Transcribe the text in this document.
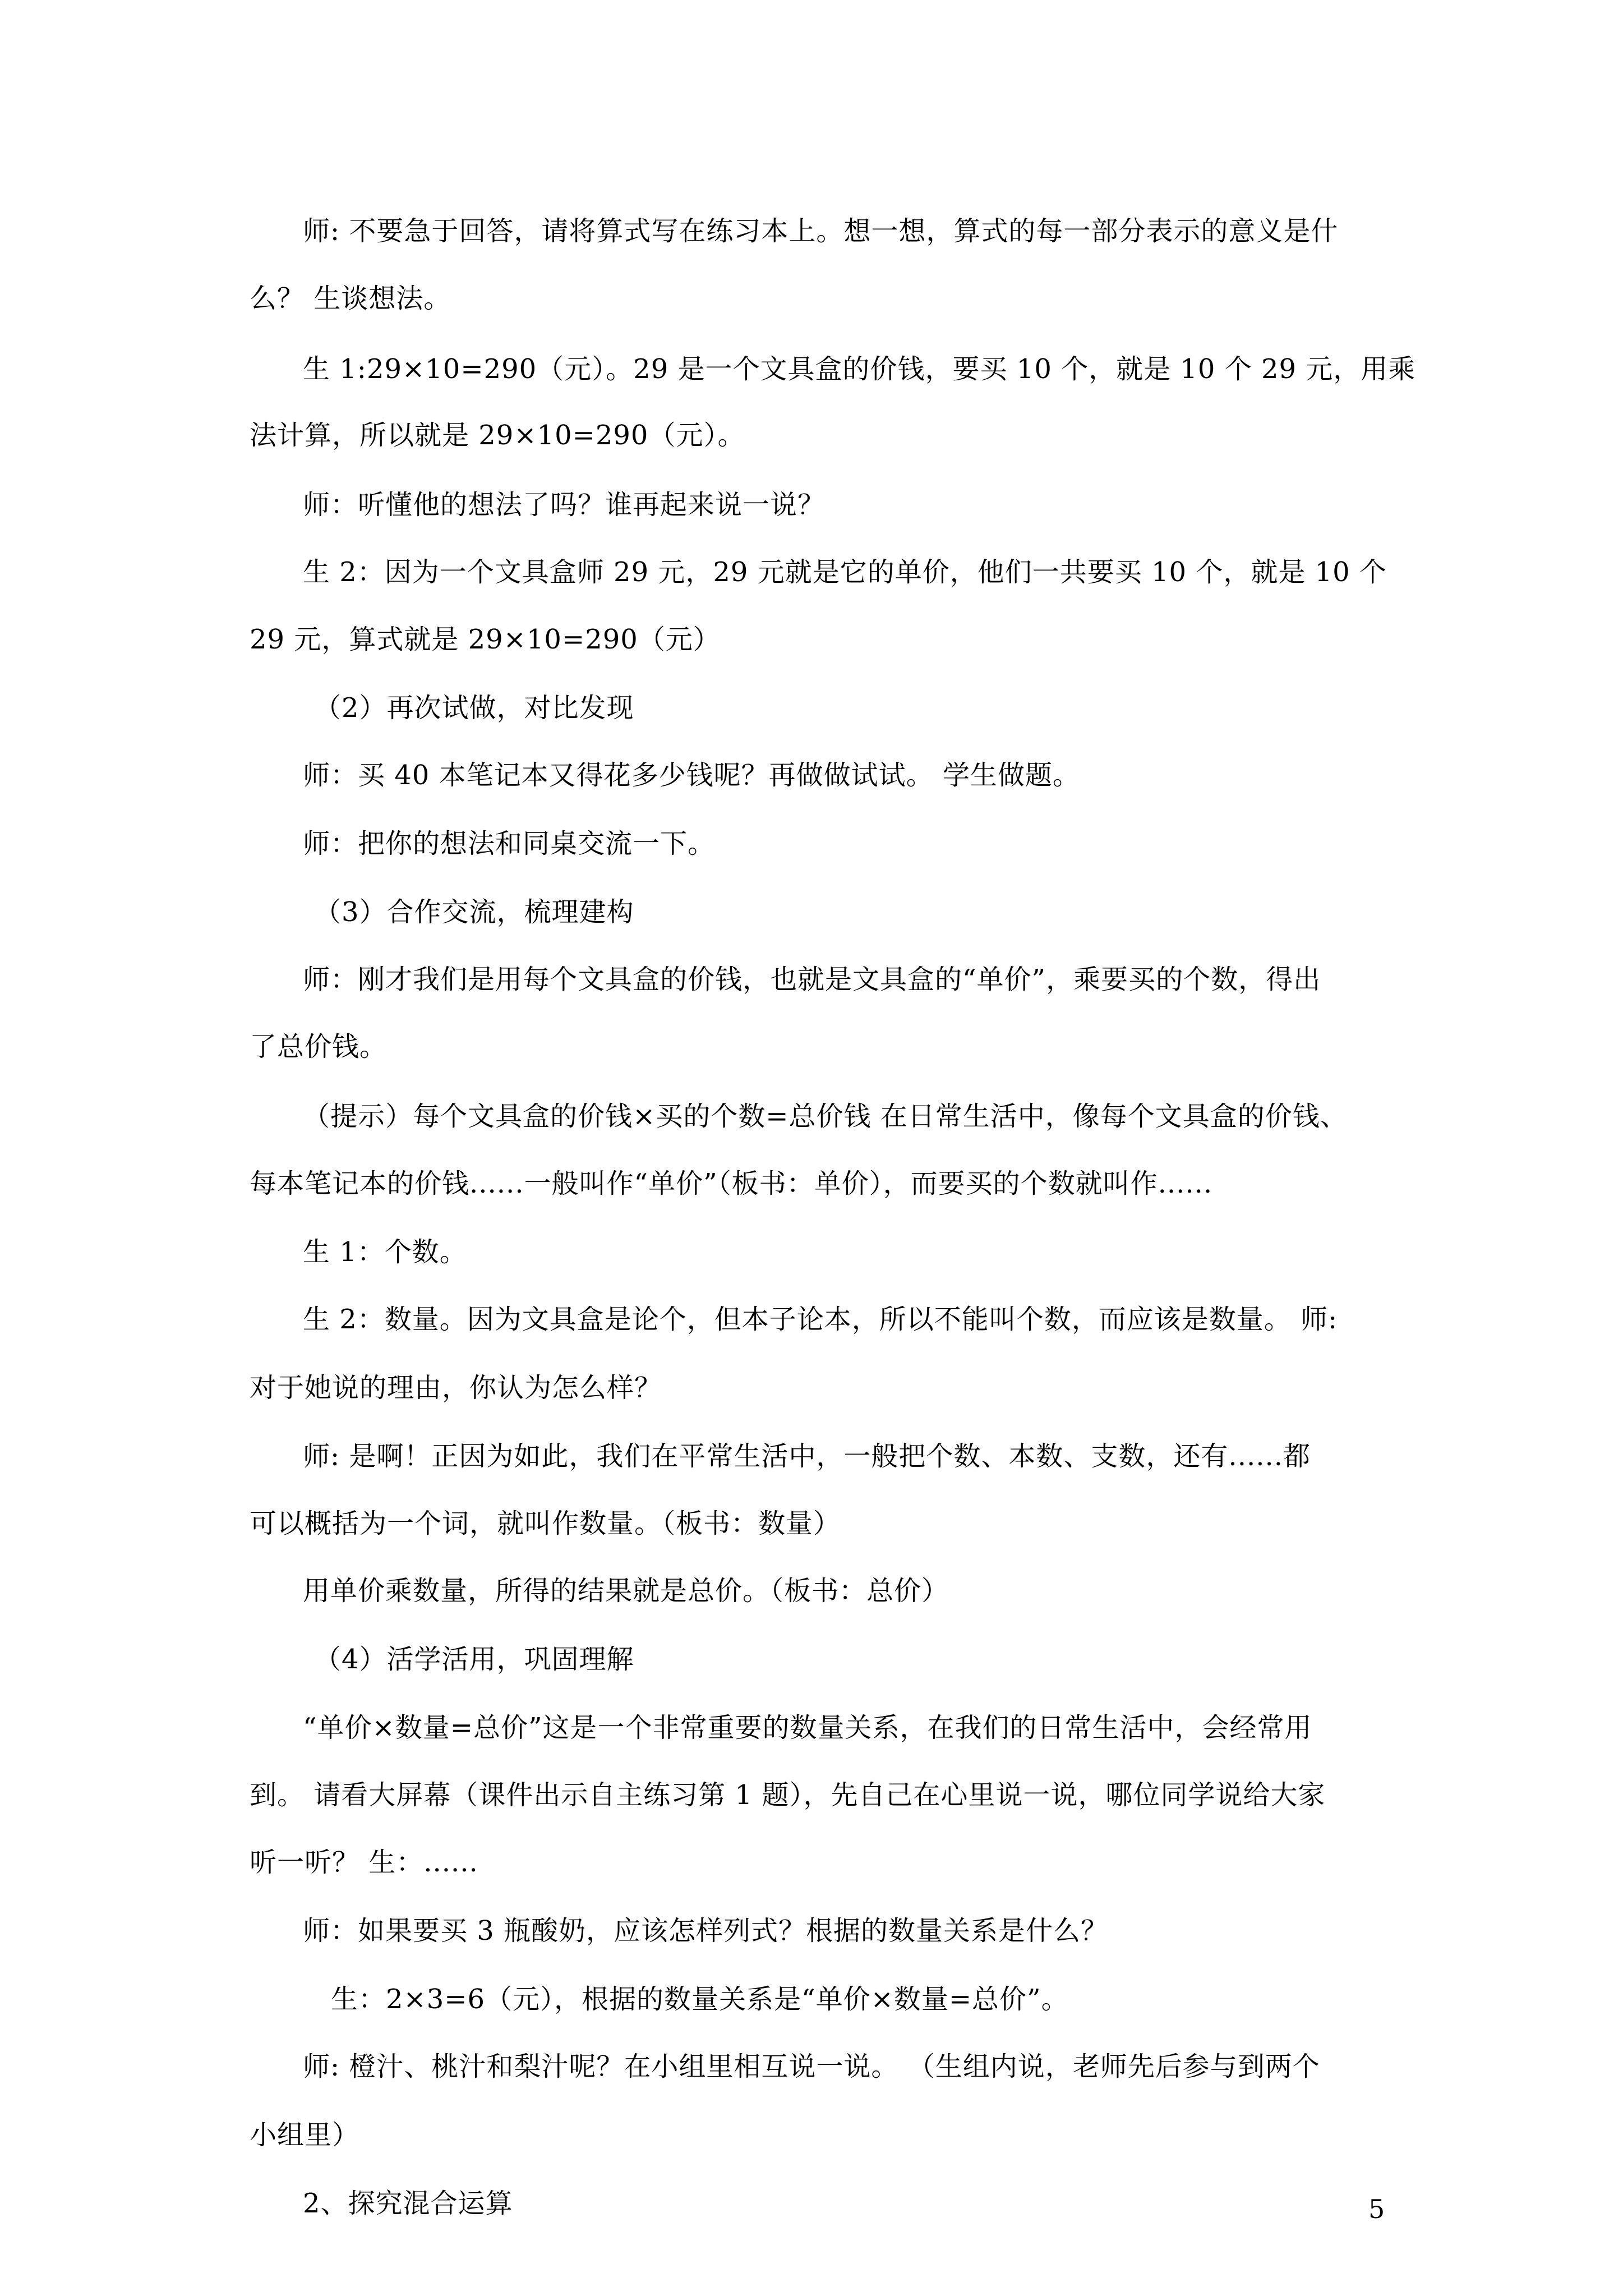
师: 不要急于回答，请将算式写在练习本上。想一想，算式的每一部分表示的意义是什
么？ 生谈想法。
生 1:29×10=290（元）。29 是一个文具盒的价钱，要买 10 个，就是 10 个 29 元，用乘
法计算，所以就是 29×10=290（元）。
师：听懂他的想法了吗？谁再起来说一说？
生 2：因为一个文具盒师 29 元，29 元就是它的单价，他们一共要买 10 个，就是 10 个
29 元，算式就是 29×10=290（元）
（2）再次试做，对比发现
师：买 40 本笔记本又得花多少钱呢？再做做试试。 学生做题。
师：把你的想法和同桌交流一下。
（3）合作交流，梳理建构
师：刚才我们是用每个文具盒的价钱，也就是文具盒的“单价”，乘要买的个数，得出
了总价钱。
（提示）每个文具盒的价钱×买的个数=总价钱 在日常生活中，像每个文具盒的价钱、
每本笔记本的价钱......一般叫作“单价”（板书：单价），而要买的个数就叫作......
生 1：个数。
生 2：数量。因为文具盒是论个，但本子论本，所以不能叫个数，而应该是数量。 师:
对于她说的理由，你认为怎么样？
师: 是啊！正因为如此，我们在平常生活中，一般把个数、本数、支数，还有......都
可以概括为一个词，就叫作数量。（板书：数量）
用单价乘数量，所得的结果就是总价。（板书：总价）
（4）活学活用，巩固理解
“单价×数量=总价”这是一个非常重要的数量关系，在我们的日常生活中，会经常用
到。 请看大屏幕（课件出示自主练习第 1 题），先自己在心里说一说，哪位同学说给大家
听一听？ 生：......
师：如果要买 3 瓶酸奶，应该怎样列式？根据的数量关系是什么？
生：2×3=6（元），根据的数量关系是“单价×数量=总价”。
师: 橙汁、桃汁和梨汁呢？在小组里相互说一说。 （生组内说，老师先后参与到两个
小组里）
2、探究混合运算	5
